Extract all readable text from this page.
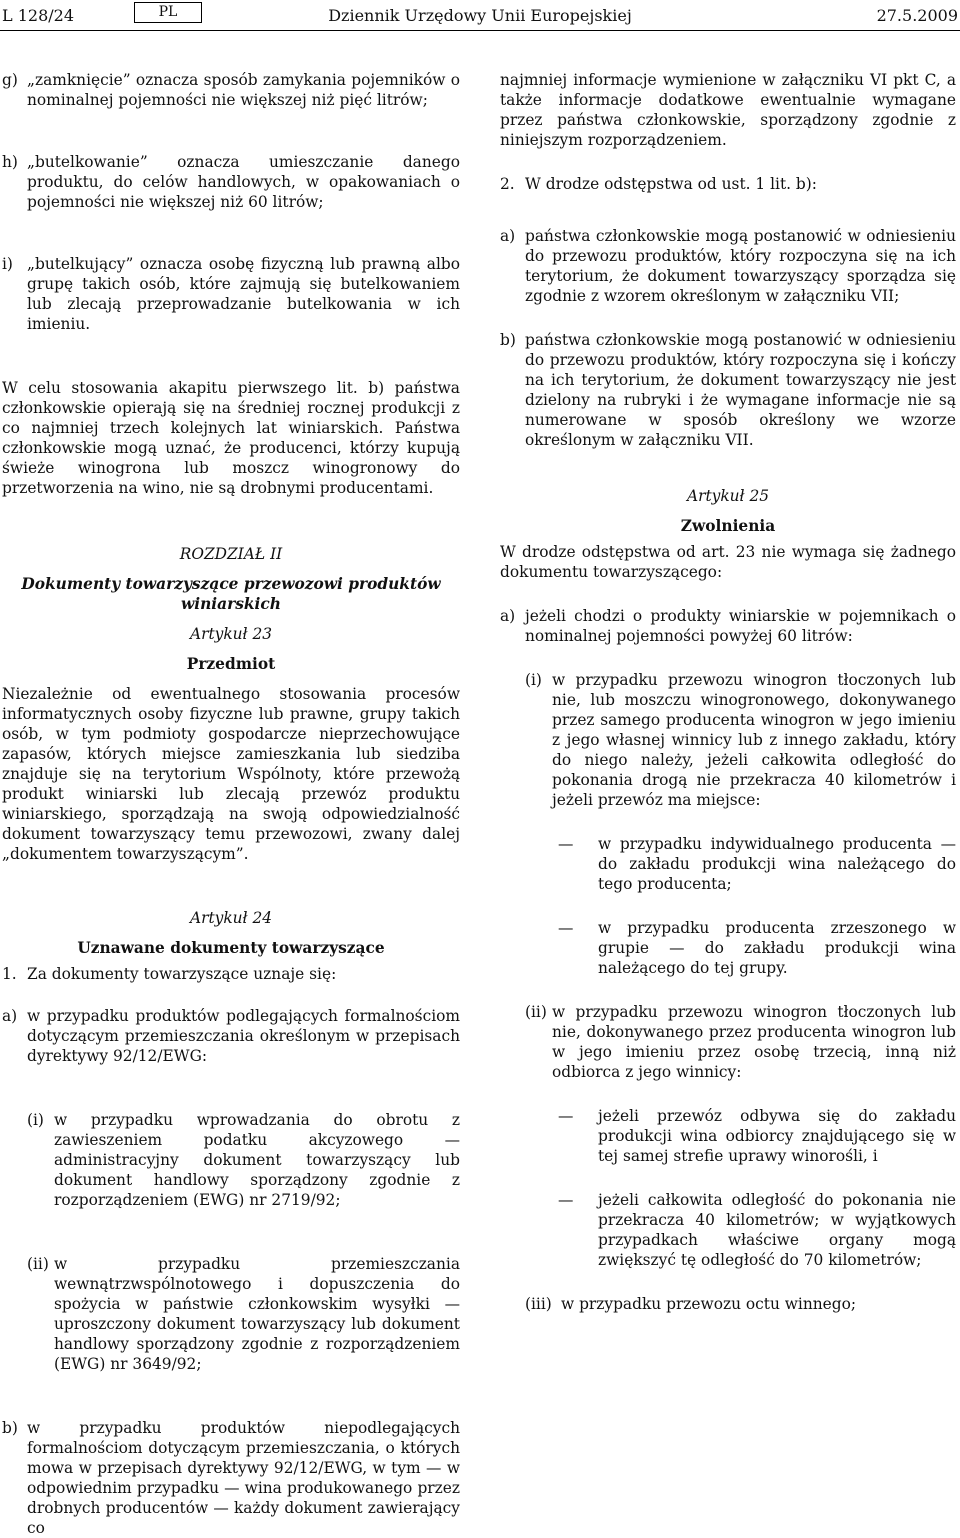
L 128/24	PL	Dziennik Urzędowy Unii Europejskiej	27.5.2009
g) „zamknięcie” oznacza sposób zamykania pojemników o nominalnej pojemności nie większej niż pięć litrów;
h) „butelkowanie” oznacza umieszczanie danego produktu, do celów handlowych, w opakowaniach o pojemności nie większej niż 60 litrów;
i) „butelkujący” oznacza osobę fizyczną lub prawną albo grupę takich osób, które zajmują się butelkowaniem lub zlecają przeprowadzanie butelkowania w ich imieniu.

W celu stosowania akapitu pierwszego lit. b) państwa członkowskie opierają się na średniej rocznej produkcji z co najmniej trzech kolejnych lat winiarskich. Państwa członkowskie mogą uznać, że producenci, którzy kupują świeże winogrona lub moszcz winogronowy do przetworzenia na wino, nie są drobnymi producentami.

ROZDZIAŁ II

Dokumenty towarzyszące przewozowi produktów winiarskich

Artykuł 23

Przedmiot

Niezależnie od ewentualnego stosowania procesów informatycznych osoby fizyczne lub prawne, grupy takich osób, w tym podmioty gospodarcze nieprzechowujące zapasów, których miejsce zamieszkania lub siedziba znajduje się na terytorium Wspólnoty, które przewożą produkt winiarski lub zlecają przewóz produktu winiarskiego, sporządzają na swoją odpowiedzialność dokument towarzyszący temu przewozowi, zwany dalej „dokumentem towarzyszącym”.

Artykuł 24

Uznawane dokumenty towarzyszące

1. Za dokumenty towarzyszące uznaje się:

a) w przypadku produktów podlegających formalnościom dotyczącym przemieszczania określonym w przepisach dyrektywy 92/12/EWG:
(i) w przypadku wprowadzania do obrotu z zawieszeniem podatku akcyzowego — administracyjny dokument towarzyszący lub dokument handlowy sporządzony zgodnie z rozporządzeniem (EWG) nr 2719/92;
(ii) w przypadku przemieszczania wewnątrzwspólnotowego i dopuszczenia do spożycia w państwie członkowskim wysyłki — uproszczony dokument towarzyszący lub dokument handlowy sporządzony zgodnie z rozporządzeniem (EWG) nr 3649/92;
b) w przypadku produktów niepodlegających formalnościom dotyczącym przemieszczania, o których mowa w przepisach dyrektywy 92/12/EWG, w tym — w odpowiednim przypadku — wina produkowanego przez drobnych producentów — każdy dokument zawierający co

najmniej informacje wymienione w załączniku VI pkt C, a także informacje dodatkowe ewentualnie wymagane przez państwa członkowskie, sporządzony zgodnie z niniejszym rozporządzeniem.

2. W drodze odstępstwa od ust. 1 lit. b):

a) państwa członkowskie mogą postanowić w odniesieniu do przewozu produktów, który rozpoczyna się na ich terytorium, że dokument towarzyszący sporządza się zgodnie z wzorem określonym w załączniku VII;
b) państwa członkowskie mogą postanowić w odniesieniu do przewozu produktów, który rozpoczyna się i kończy na ich terytorium, że dokument towarzyszący nie jest dzielony na rubryki i że wymagane informacje nie są numerowane w sposób określony we wzorze określonym w załączniku VII.

Artykuł 25

Zwolnienia

W drodze odstępstwa od art. 23 nie wymaga się żadnego dokumentu towarzyszącego:

a) jeżeli chodzi o produkty winiarskie w pojemnikach o nominalnej pojemności powyżej 60 litrów:
(i) w przypadku przewozu winogron tłoczonych lub nie, lub moszczu winogronowego, dokonywanego przez samego producenta winogron w jego imieniu z jego własnej winnicy lub z innego zakładu, który do niego należy, jeżeli całkowita odległość do pokonania drogą nie przekracza 40 kilometrów i jeżeli przewóz ma miejsce:
—	w przypadku indywidualnego producenta — do zakładu produkcji wina należącego do tego producenta;
—	w przypadku producenta zrzeszonego w grupie — do zakładu produkcji wina należącego do tej grupy.
(ii) w przypadku przewozu winogron tłoczonych lub nie, dokonywanego przez producenta winogron lub w jego imieniu przez osobę trzecią, inną niż odbiorca z jego winnicy:
—	jeżeli przewóz odbywa się do zakładu produkcji wina odbiorcy znajdującego się w tej samej strefie uprawy winorośli, i
—	jeżeli całkowita odległość do pokonania nie przekracza 40 kilometrów; w wyjątkowych przypadkach właściwe organy mogą zwiększyć tę odległość do 70 kilometrów;
(iii) w przypadku przewozu octu winnego;
